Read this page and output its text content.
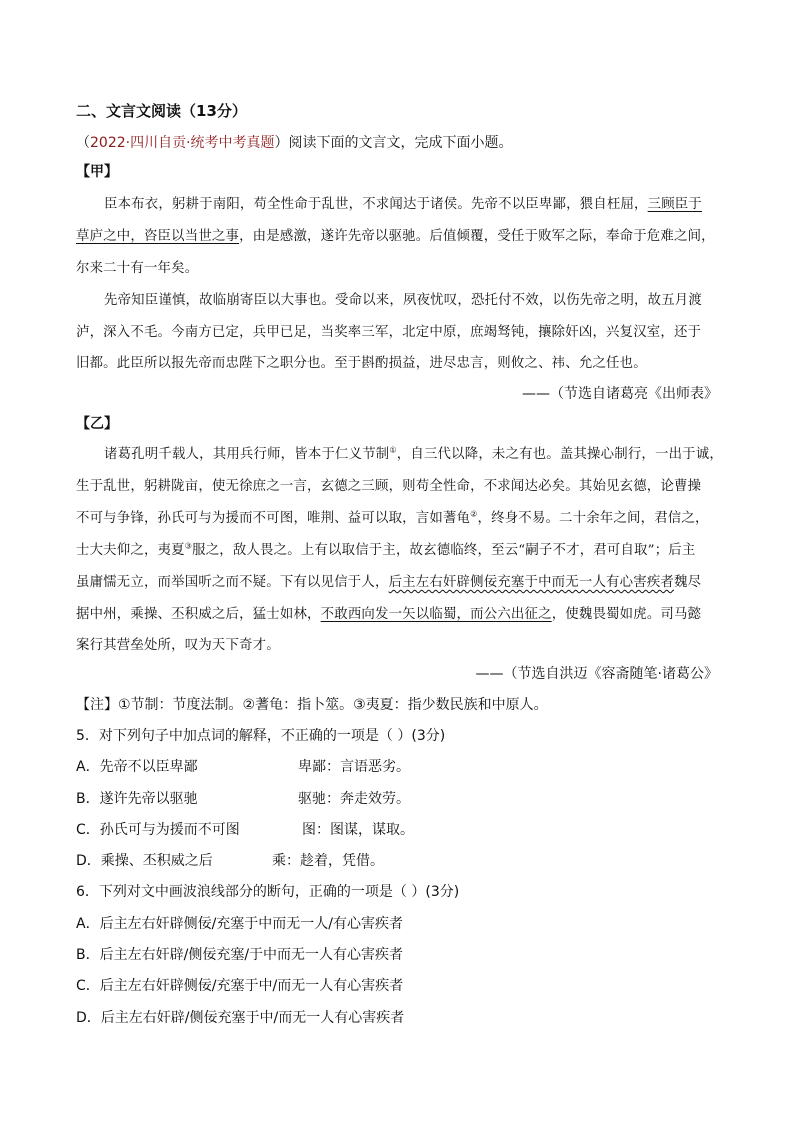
二、文言文阅读（13分）
（2022·四川自贡·统考中考真题）阅读下面的文言文，完成下面小题。
【甲】
臣本布衣，躬耕于南阳，苟全性命于乱世，不求闻达于诸侯。先帝不以臣卑鄙，猥自枉屈，三顾臣于
草庐之中，咨臣以当世之事，由是感激，遂许先帝以驱驰。后值倾覆，受任于败军之际，奉命于危难之间，
尔来二十有一年矣。
先帝知臣谨慎，故临崩寄臣以大事也。受命以来，夙夜忧叹，恐托付不效，以伤先帝之明，故五月渡
泸，深入不毛。今南方已定，兵甲已足，当奖率三军，北定中原，庶竭驽钝，攘除奸凶，兴复汉室，还于
旧都。此臣所以报先帝而忠陛下之职分也。至于斟酌损益，进尽忠言，则攸之、祎、允之任也。
——（节选自诸葛亮《出师表》
【乙】
诸葛孔明千载人，其用兵行师，皆本于仁义节制①，自三代以降，未之有也。盖其操心制行，一出于诚，
生于乱世，躬耕陇亩，使无徐庶之一言，玄德之三顾，则苟全性命，不求闻达必矣。其始见玄德，论曹操
不可与争锋，孙氏可与为援而不可图，唯荆、益可以取，言如蓍龟②，终身不易。二十余年之间，君信之，
士大夫仰之，夷夏③服之，敌人畏之。上有以取信于主，故玄德临终，至云“嗣子不才，君可自取”；后主
虽庸懦无立，而举国听之而不疑。下有以见信于人，后主左右奸辟侧佞充塞于中而无一人有心害疾者魏尽
据中州，乘操、丕积威之后，猛士如林，不敢西向发一矢以临蜀，而公六出征之，使魏畏蜀如虎。司马懿
案行其营垒处所，叹为天下奇才。
——（节选自洪迈《容斋随笔·诸葛公》
【注】①节制：节度法制。②蓍龟：指卜筮。③夷夏：指少数民族和中原人。
5．对下列句子中加点词的解释，不正确的一项是（ ）(3分)
A．先帝不以臣卑鄙	卑鄙：言语恶劣。
B．遂许先帝以驱驰	驱驰：奔走效劳。
C．孙氏可与为援而不可图	图：图谋，谋取。
D．乘操、丕积威之后	乘：趁着，凭借。
6．下列对文中画波浪线部分的断句，正确的一项是（ ）(3分)
A．后主左右奸辟侧佞/充塞于中而无一人/有心害疾者
B．后主左右奸辟/侧佞充塞/于中而无一人有心害疾者
C．后主左右奸辟侧佞/充塞于中/而无一人有心害疾者
D．后主左右奸辟/侧佞充塞于中/而无一人有心害疾者
